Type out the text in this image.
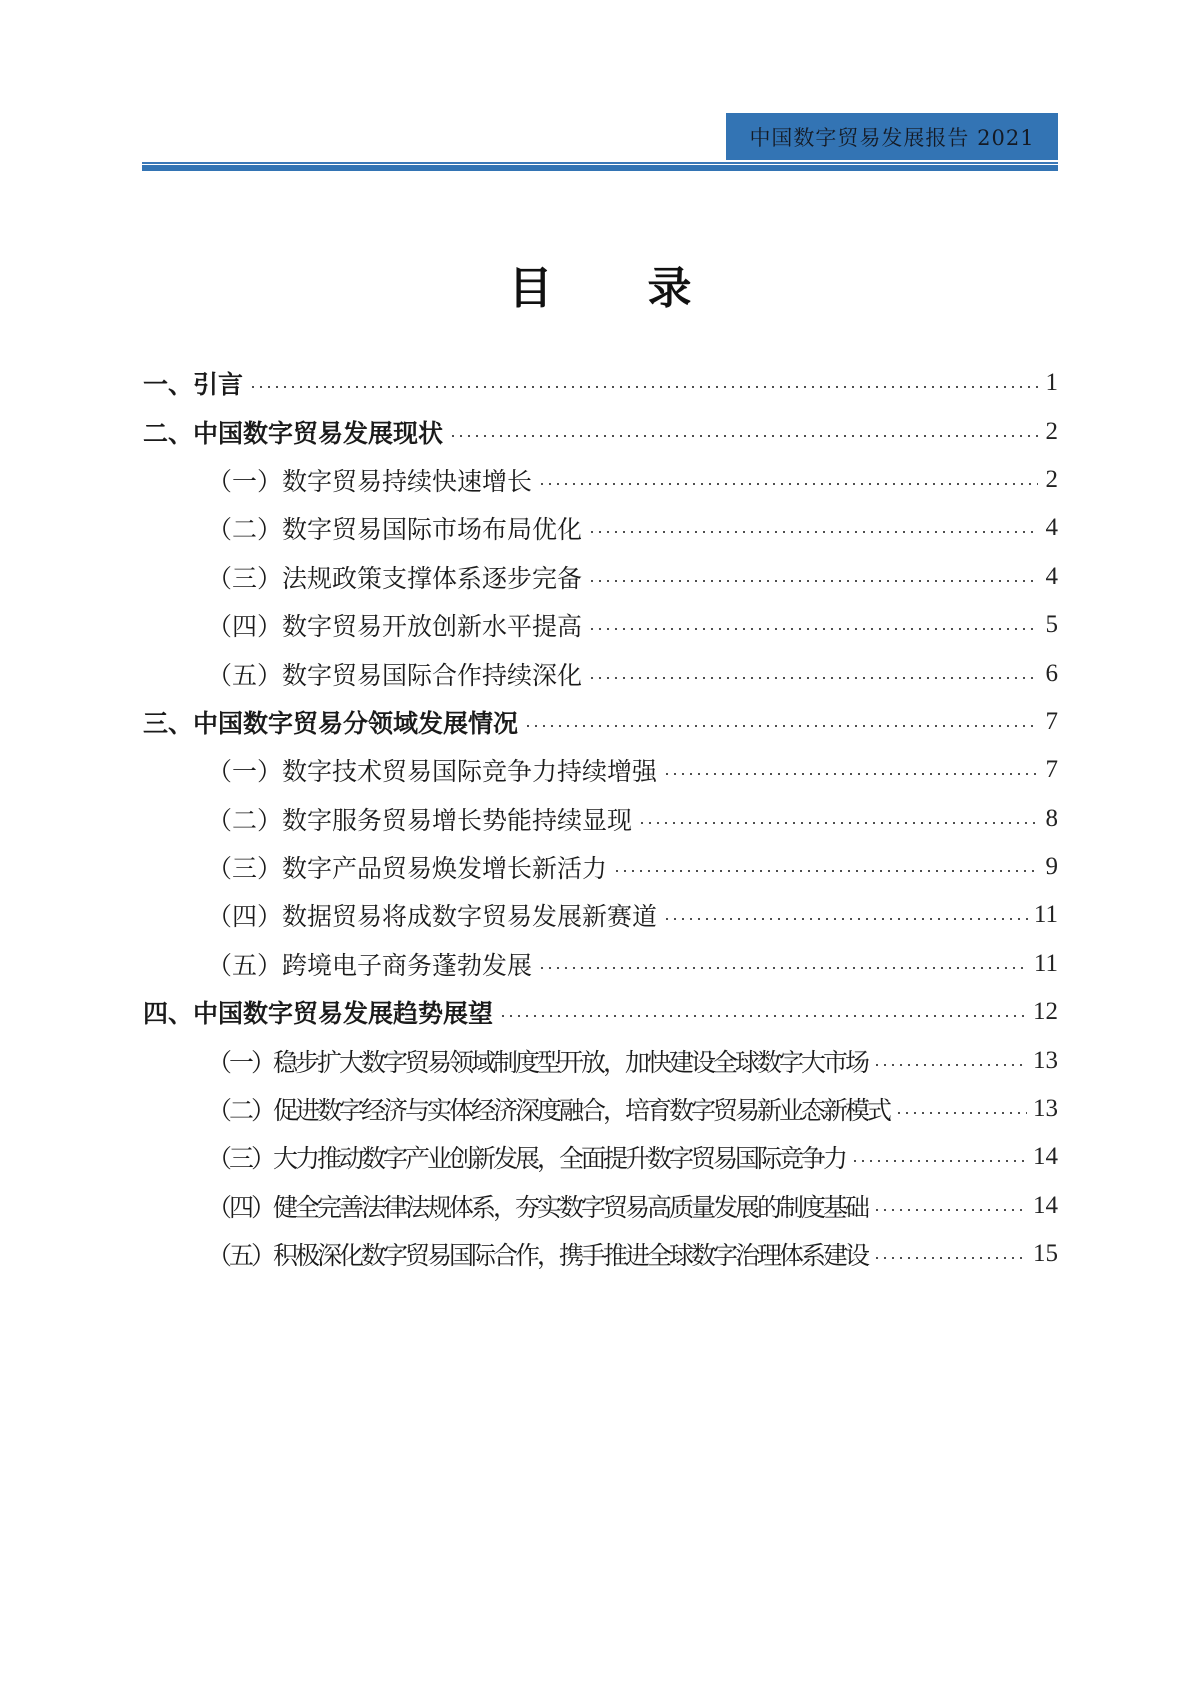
中国数字贸易发展报告 2021
目 录
一、引言	1
二、中国数字贸易发展现状	2
（一）数字贸易持续快速增长	2
（二）数字贸易国际市场布局优化	4
（三）法规政策支撑体系逐步完备	4
（四）数字贸易开放创新水平提高	5
（五）数字贸易国际合作持续深化	6
三、中国数字贸易分领域发展情况	7
（一）数字技术贸易国际竞争力持续增强	7
（二）数字服务贸易增长势能持续显现	8
（三）数字产品贸易焕发增长新活力	9
（四）数据贸易将成数字贸易发展新赛道	11
（五）跨境电子商务蓬勃发展	11
四、中国数字贸易发展趋势展望	12
（一）稳步扩大数字贸易领域制度型开放，加快建设全球数字大市场	13
（二）促进数字经济与实体经济深度融合，培育数字贸易新业态新模式	13
（三）大力推动数字产业创新发展，全面提升数字贸易国际竞争力	14
（四）健全完善法律法规体系，夯实数字贸易高质量发展的制度基础	14
（五）积极深化数字贸易国际合作，携手推进全球数字治理体系建设	15
